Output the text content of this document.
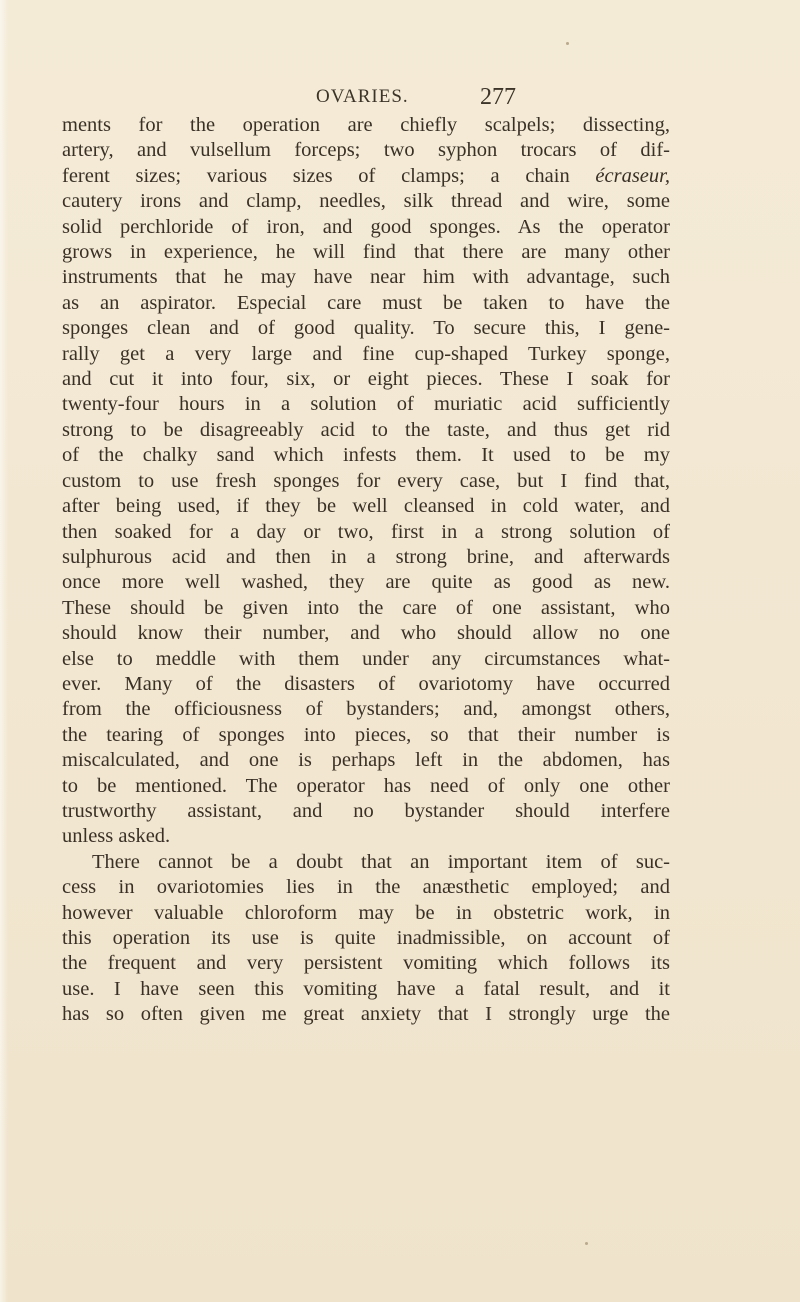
OVARIES.	277
ments for the operation are chiefly scalpels; dissecting,
artery, and vulsellum forceps; two syphon trocars of dif-
ferent sizes; various sizes of clamps; a chain écraseur,
cautery irons and clamp, needles, silk thread and wire, some
solid perchloride of iron, and good sponges. As the operator
grows in experience, he will find that there are many other
instruments that he may have near him with advantage, such
as an aspirator. Especial care must be taken to have the
sponges clean and of good quality. To secure this, I gene-
rally get a very large and fine cup-shaped Turkey sponge,
and cut it into four, six, or eight pieces. These I soak for
twenty-four hours in a solution of muriatic acid sufficiently
strong to be disagreeably acid to the taste, and thus get rid
of the chalky sand which infests them. It used to be my
custom to use fresh sponges for every case, but I find that,
after being used, if they be well cleansed in cold water, and
then soaked for a day or two, first in a strong solution of
sulphurous acid and then in a strong brine, and afterwards
once more well washed, they are quite as good as new.
These should be given into the care of one assistant, who
should know their number, and who should allow no one
else to meddle with them under any circumstances what-
ever. Many of the disasters of ovariotomy have occurred
from the officiousness of bystanders; and, amongst others,
the tearing of sponges into pieces, so that their number is
miscalculated, and one is perhaps left in the abdomen, has
to be mentioned. The operator has need of only one other
trustworthy assistant, and no bystander should interfere
unless asked.
There cannot be a doubt that an important item of suc-
cess in ovariotomies lies in the anæsthetic employed; and
however valuable chloroform may be in obstetric work, in
this operation its use is quite inadmissible, on account of
the frequent and very persistent vomiting which follows its
use. I have seen this vomiting have a fatal result, and it
has so often given me great anxiety that I strongly urge the
